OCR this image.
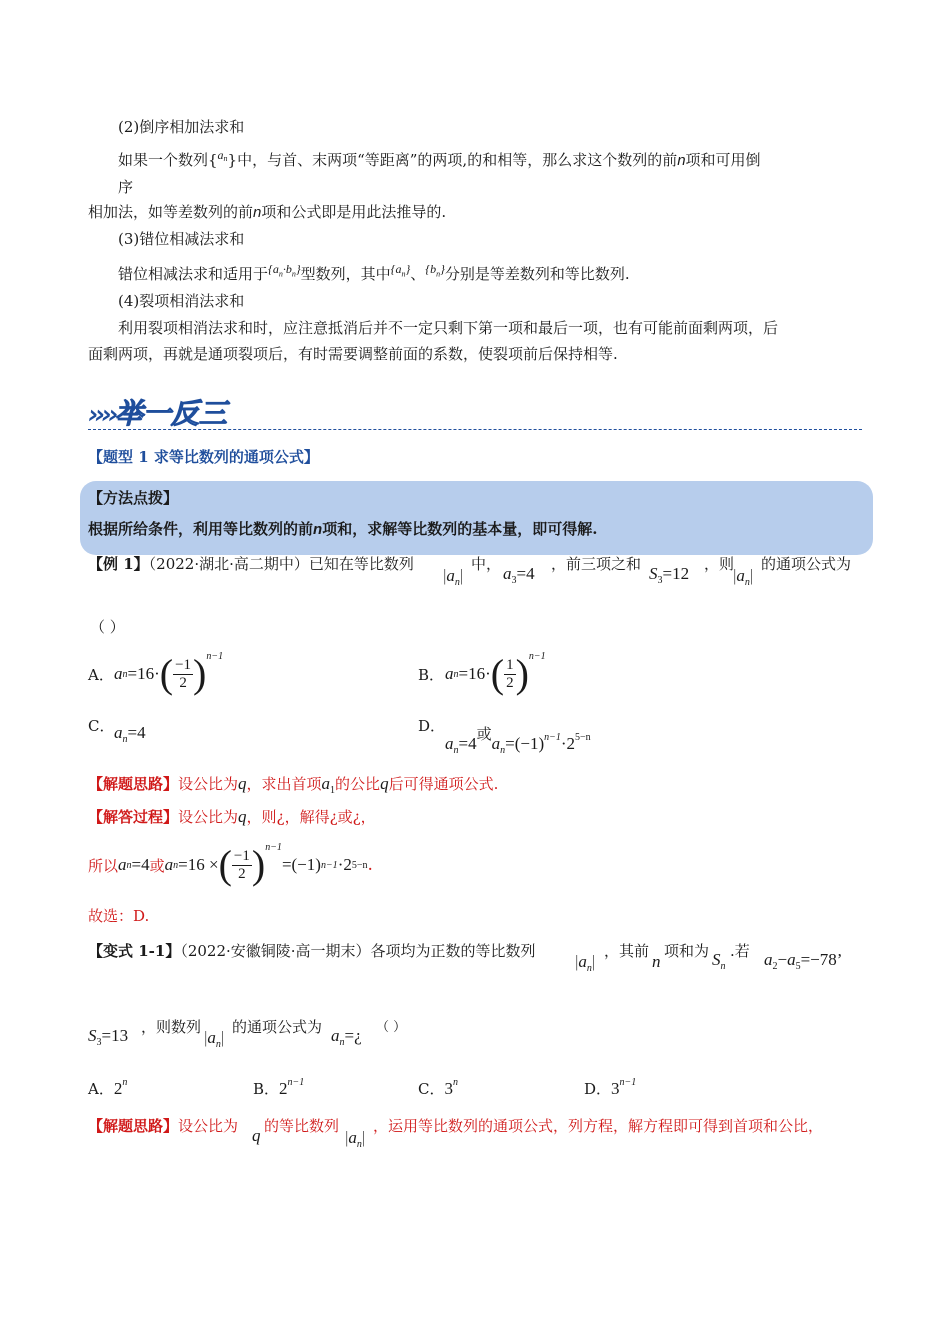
(2)倒序相加法求和
如果一个数列{$^{an}$}中，与首、末两项“等距离”的两项,的和相等，那么求这个数列的前n项和可用倒
序
相加法，如等差数列的前n项和公式即是用此法推导的.
(3)错位相减法求和
错位相减法求和适用于$^{\{a_n\cdot b_n\}}$型数列，其中$^{\{a_n\}}$、$^{\{b_n\}}$分别是等差数列和等比数列.
(4)裂项相消法求和
利用裂项相消法求和时，应注意抵消后并不一定只剩下第一项和最后一项，也有可能前面剩两项，后
面剩两项，再就是通项裂项后，有时需要调整前面的系数，使裂项前后保持相等.
››››举一反三
【题型 1 求等比数列的通项公式】
【方法点拨】
根据所给条件，利用等比数列的前n项和，求解等比数列的基本量，即可得解.
【例 1】（2022·湖北·高二期中）已知在等比数列
$|a_n|$
中， $a_3=4$ ，前三项之和 $S_3=12$ ，则
$|a_n|$
的通项公式为
（ ）
A． a n =16· ( $\frac{-1}{2}$ ) n−1
B． a n =16· ( $\frac{1}{2}$ ) n−1
C． $a_n=4$	D．
$a_n=4$或$a_n=(-1)^{n-1}\cdot 2^{5-n}$
【解题思路】设公比为q，求出首项$a_1$的公比q后可得通项公式.
【解答过程】设公比为q，则¿，解得¿或¿，
所以 a n =4 或 a n =16 × ( $\frac{-1}{2}$ ) n−1
=(−1) n−1 ·2 5−n .
故选：D.
【变式 1-1】（2022·安徽铜陵·高一期末）各项均为正数的等比数列
$|a_n|$
，其前
n
项和为 $S_n$
.若 $a_2-a_5=-78$’
$S_3=13$ ，则数列
$|a_n|$
的通项公式为 $a_n=¿$ （ ）
A．2$^n$	B．$2^{n-1}$	C．3$^n$	D．$3^{n-1}$
【解题思路】设公比为 q 的等比数列
$|a_n|$
，运用等比数列的通项公式，列方程，解方程即可得到首项和公比，
